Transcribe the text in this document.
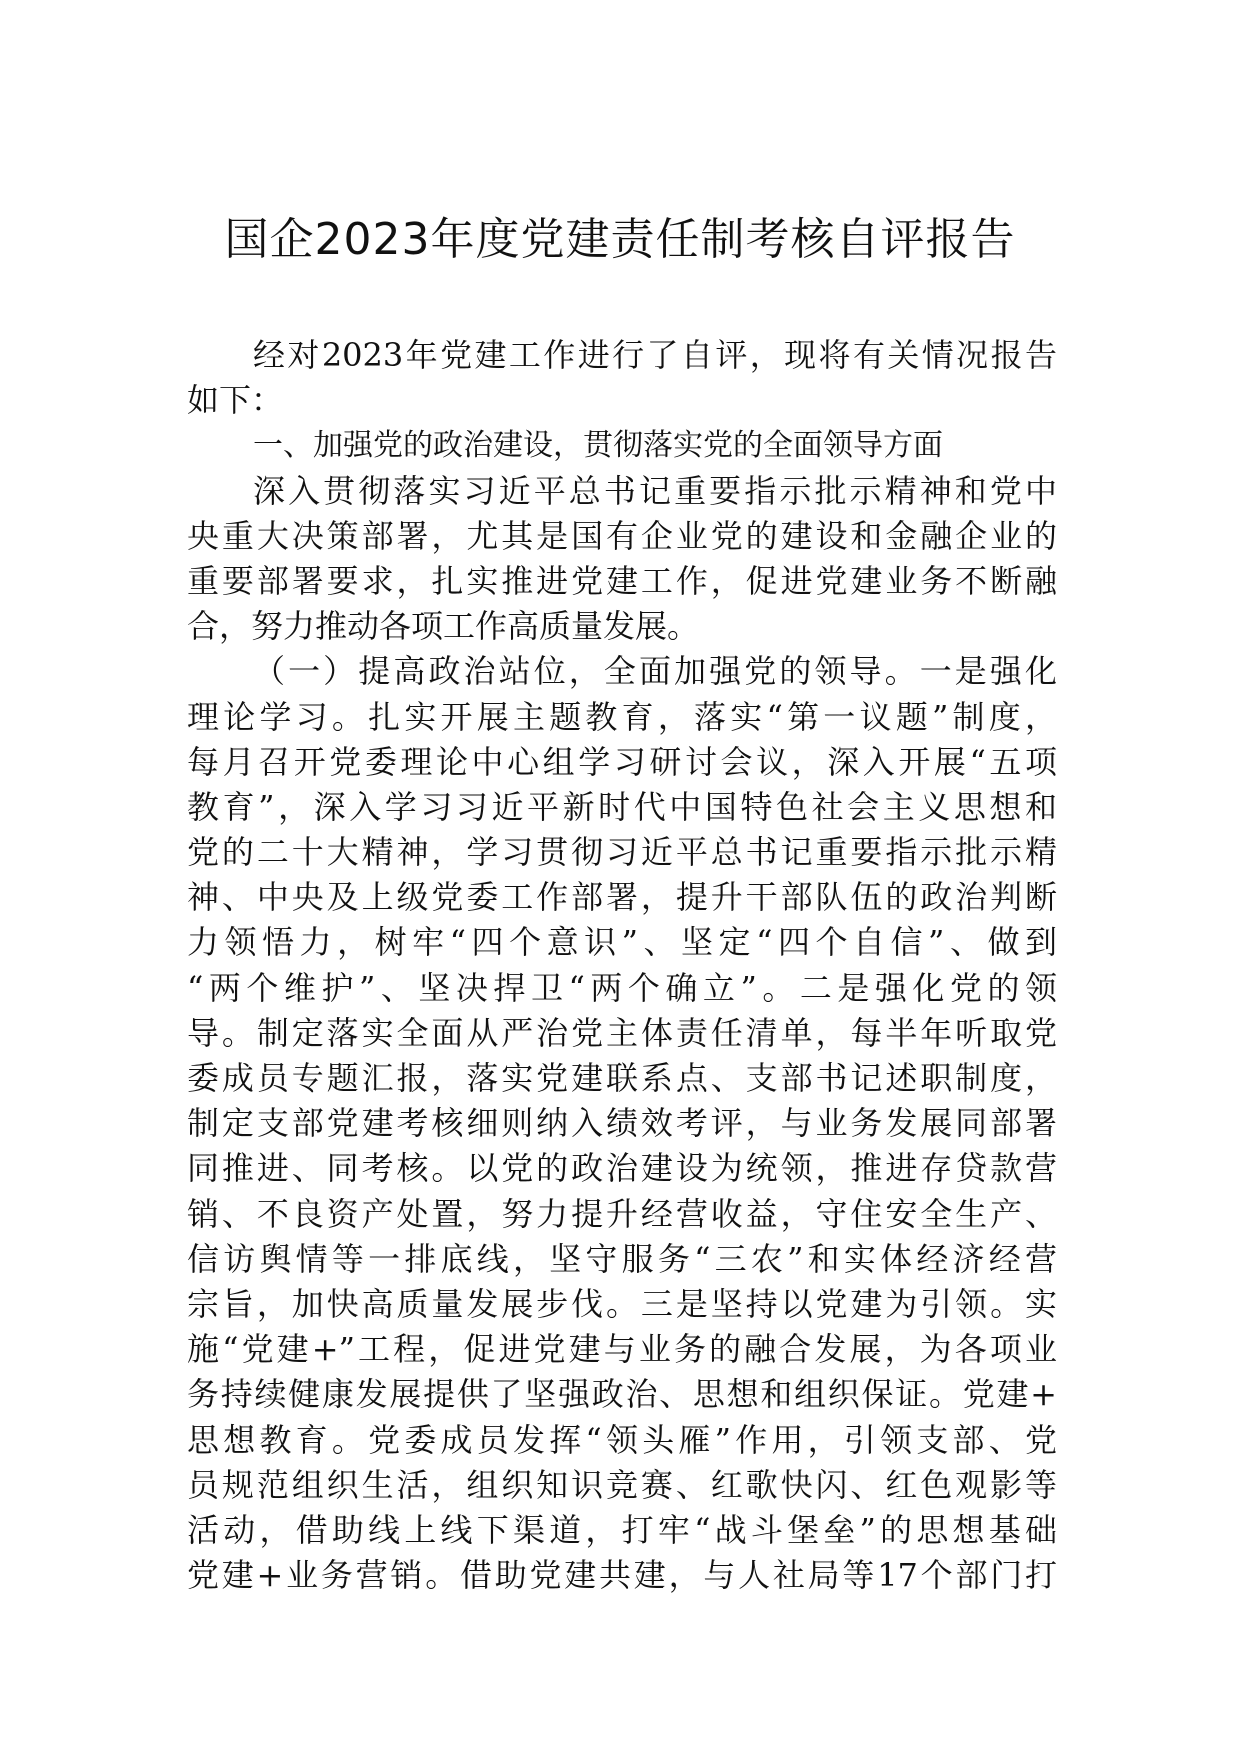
国企2023年度党建责任制考核自评报告
经对2023年党建工作进行了自评，现将有关情况报告
如下：
一、加强党的政治建设，贯彻落实党的全面领导方面
深入贯彻落实习近平总书记重要指示批示精神和党中
央重大决策部署，尤其是国有企业党的建设和金融企业的
重要部署要求，扎实推进党建工作，促进党建业务不断融
合，努力推动各项工作高质量发展。
（一）提高政治站位，全面加强党的领导。一是强化
理论学习。扎实开展主题教育，落实“第一议题”制度，
每月召开党委理论中心组学习研讨会议，深入开展“五项
教育”，深入学习习近平新时代中国特色社会主义思想和
党的二十大精神，学习贯彻习近平总书记重要指示批示精
神、中央及上级党委工作部署，提升干部队伍的政治判断
力领悟力，树牢“四个意识”、坚定“四个自信”、做到
“两个维护”、坚决捍卫“两个确立”。二是强化党的领
导。制定落实全面从严治党主体责任清单，每半年听取党
委成员专题汇报，落实党建联系点、支部书记述职制度，
制定支部党建考核细则纳入绩效考评，与业务发展同部署
同推进、同考核。以党的政治建设为统领，推进存贷款营
销、不良资产处置，努力提升经营收益，守住安全生产、
信访舆情等一排底线，坚守服务“三农”和实体经济经营
宗旨，加快高质量发展步伐。三是坚持以党建为引领。实
施“党建+”工程，促进党建与业务的融合发展，为各项业
务持续健康发展提供了坚强政治、思想和组织保证。党建+
思想教育。党委成员发挥“领头雁”作用，引领支部、党
员规范组织生活，组织知识竞赛、红歌快闪、红色观影等
活动，借助线上线下渠道，打牢“战斗堡垒”的思想基础
党建+业务营销。借助党建共建，与人社局等17个部门打
